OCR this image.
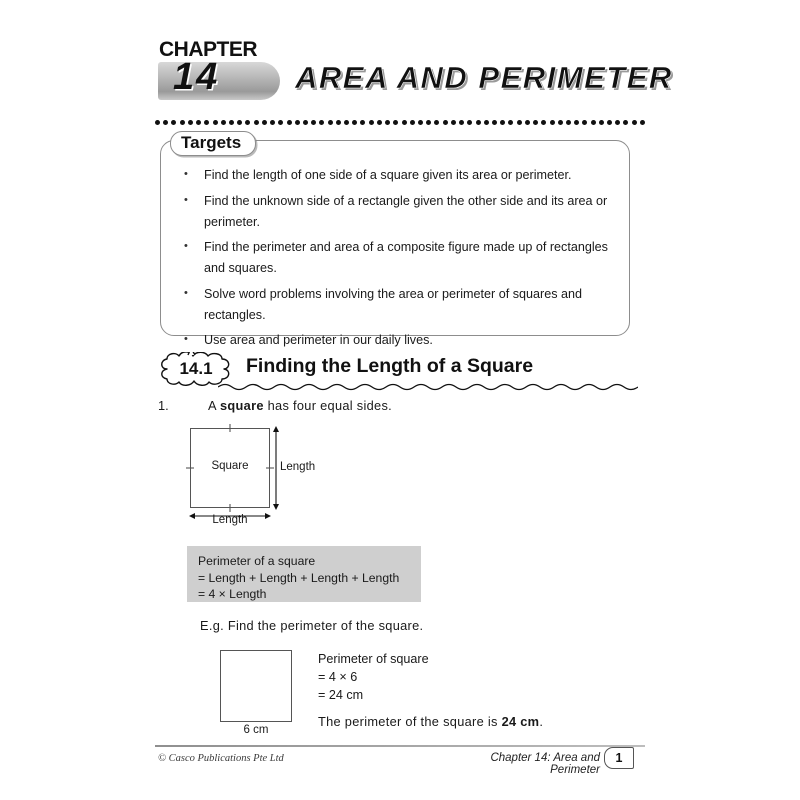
CHAPTER
14 AREA AND PERIMETER
Targets
• Find the length of one side of a square given its area or perimeter.
• Find the unknown side of a rectangle given the other side and its area or perimeter.
• Find the perimeter and area of a composite figure made up of rectangles and squares.
• Solve word problems involving the area or perimeter of squares and rectangles.
• Use area and perimeter in our daily lives.
14.1	Finding the Length of a Square
1.	A square has four equal sides.
Square	Length
Length
Perimeter of a square
= Length + Length + Length + Length
= 4 × Length
E.g. Find the perimeter of the square.
6 cm
Perimeter of square
= 4 × 6
= 24 cm
The perimeter of the square is 24 cm.
© Casco Publications Pte Ltd	Chapter 14: Area and Perimeter
1
